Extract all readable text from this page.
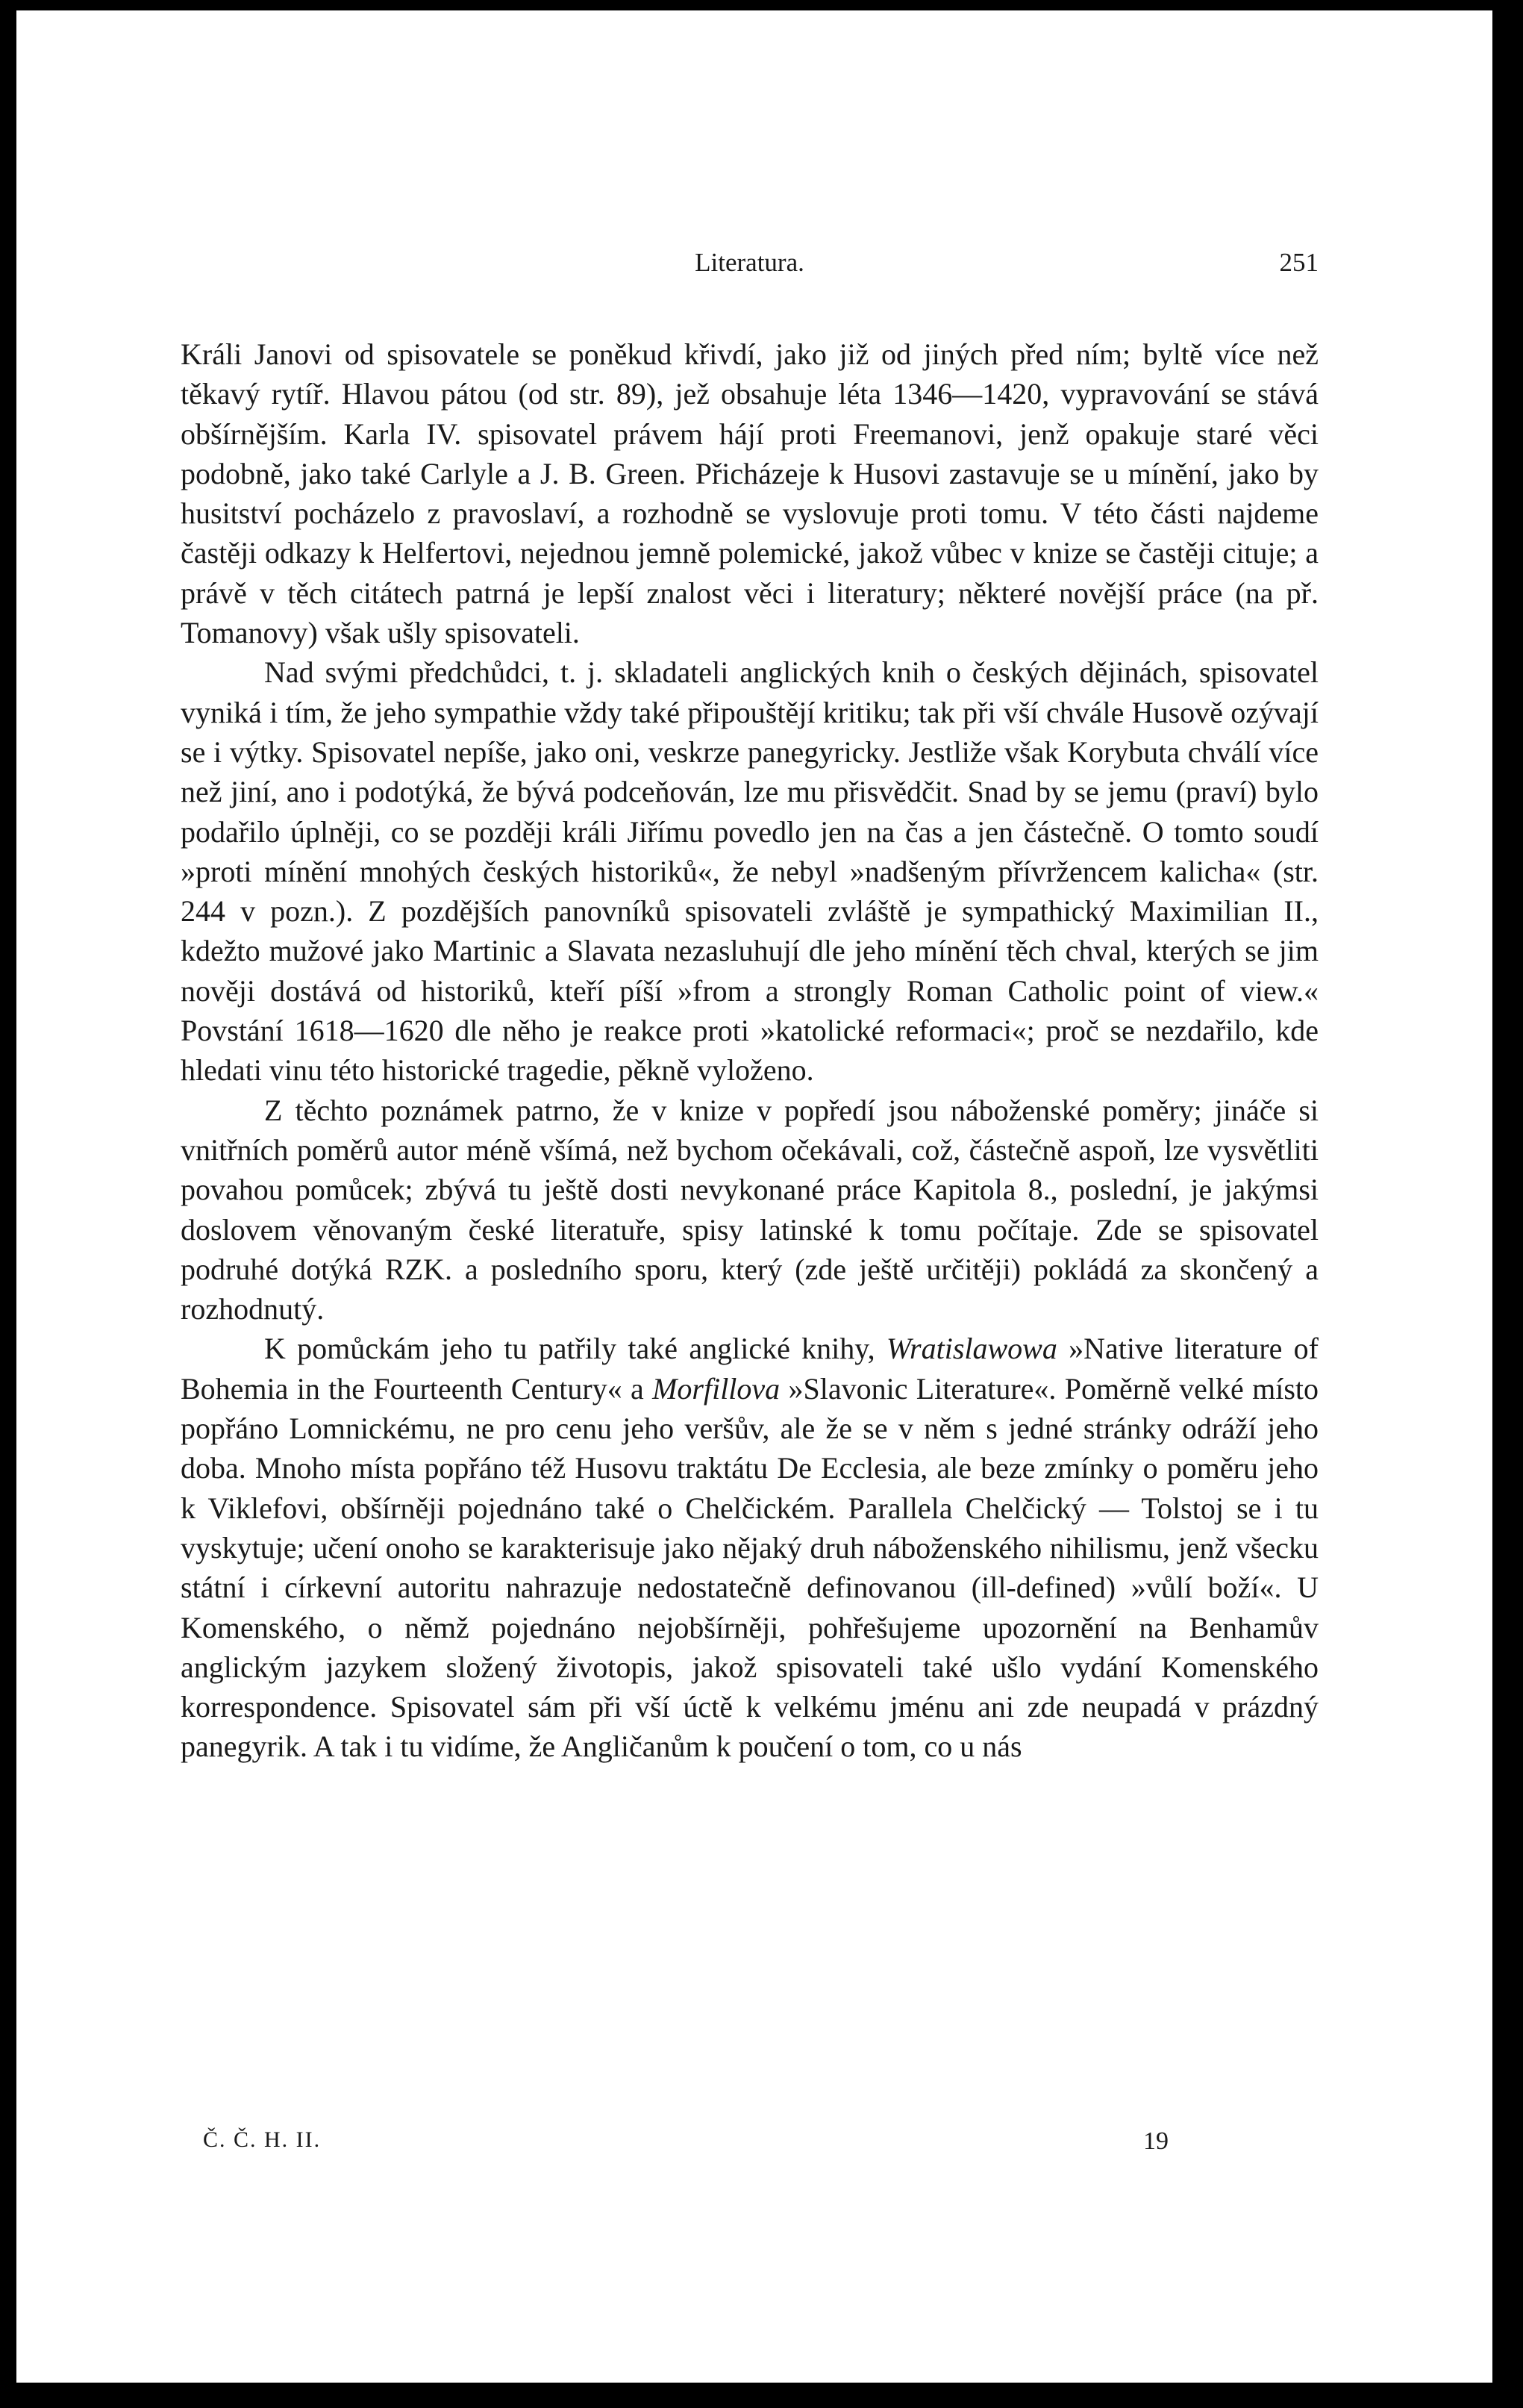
Literatura.	251

Králi Janovi od spisovatele se poněkud křivdí, jako již od jiných před ním; byltě více než těkavý rytíř. Hlavou pátou (od str. 89), jež obsahuje léta 1346—1420, vypravování se stává obšírnějším. Karla IV. spisovatel právem hájí proti Freemanovi, jenž opakuje staré věci podobně, jako také Carlyle a J. B. Green. Přicházeje k Husovi zastavuje se u mínění, jako by husitství pocházelo z pravoslaví, a rozhodně se vyslovuje proti tomu. V této části najdeme častěji odkazy k Helfertovi, nejednou jemně polemické, jakož vůbec v knize se častěji cituje; a právě v těch citátech patrná je lepší znalost věci i literatury; některé novější práce (na př. Tomanovy) však ušly spisovateli.

Nad svými předchůdci, t. j. skladateli anglických knih o českých dějinách, spisovatel vyniká i tím, že jeho sympathie vždy také připouštějí kritiku; tak při vší chvále Husově ozývají se i výtky. Spisovatel nepíše, jako oni, veskrze panegyricky. Jestliže však Korybuta chválí více než jiní, ano i podotýká, že bývá podceňován, lze mu přisvědčit. Snad by se jemu (praví) bylo podařilo úplněji, co se později králi Jiřímu povedlo jen na čas a jen částečně. O tomto soudí »proti mínění mnohých českých historiků«, že nebyl »nadšeným přívržencem kalicha« (str. 244 v pozn.). Z pozdějších panovníků spisovateli zvláště je sympathický Maximilian II., kdežto mužové jako Martinic a Slavata nezasluhují dle jeho mínění těch chval, kterých se jim nověji dostává od historiků, kteří píší »from a strongly Roman Catholic point of view.« Povstání 1618—1620 dle něho je reakce proti »katolické reformaci«; proč se nezdařilo, kde hledati vinu této historické tragedie, pěkně vyloženo.

Z těchto poznámek patrno, že v knize v popředí jsou náboženské poměry; jináče si vnitřních poměrů autor méně všímá, než bychom očekávali, což, částečně aspoň, lze vysvětliti povahou pomůcek; zbývá tu ještě dosti nevykonané práce Kapitola 8., poslední, je jakýmsi doslovem věnovaným české literatuře, spisy latinské k tomu počítaje. Zde se spisovatel podruhé dotýká RZK. a posledního sporu, který (zde ještě určitěji) pokládá za skončený a rozhodnutý.

K pomůckám jeho tu patřily také anglické knihy, Wratislawowa »Native literature of Bohemia in the Fourteenth Century« a Morfillova »Slavonic Literature«. Poměrně velké místo popřáno Lomnickému, ne pro cenu jeho veršův, ale že se v něm s jedné stránky odráží jeho doba. Mnoho místa popřáno též Husovu traktátu De Ecclesia, ale beze zmínky o poměru jeho k Viklefovi, obšírněji pojednáno také o Chelčickém. Parallela Chelčický — Tolstoj se i tu vyskytuje; učení onoho se karakterisuje jako nějaký druh náboženského nihilismu, jenž všecku státní i církevní autoritu nahrazuje nedostatečně definovanou (ill-defined) »vůlí boží«. U Komenského, o němž pojednáno nejobšírněji, pohřešujeme upozornění na Benhamův anglickým jazykem složený životopis, jakož spisovateli také ušlo vydání Komenského korrespondence. Spisovatel sám při vší úctě k velkému jménu ani zde neupadá v prázdný panegyrik. A tak i tu vidíme, že Angličanům k poučení o tom, co u nás

Č. Č. H. II.	19
